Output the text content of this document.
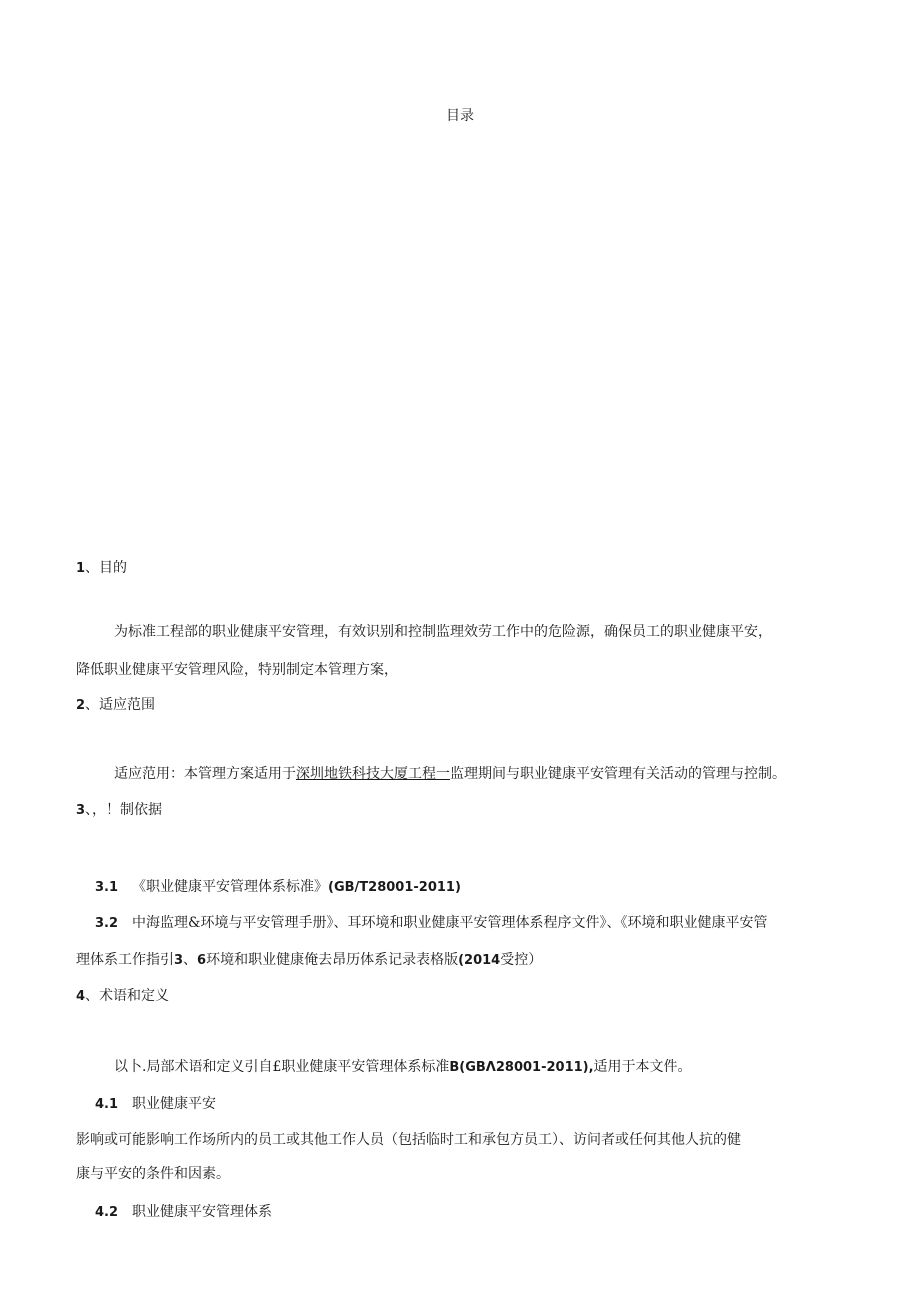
目录
1、目的
为标准工程部的职业健康平安管理，有效识别和控制监理效劳工作中的危险源，确保员工的职业健康平安，
降低职业健康平安管理风险，特别制定本管理方案，
2、适应范围
适应范用：本管理方案适用于深圳地铁科技大厦工程一监理期间与职业键康平安管理有关活动的管理与控制。
3、，！制依据
3.1 《职业健康平安管理体系标准》(GB/T28001-2011)
3.2 中海监理&环境与平安管理手册》、耳环境和职业健康平安管理体系程序文件》、《环境和职业健康平安管
理体系工作指引3、6环境和职业健康俺去昂历体系记录表格版(2014受控）
4、术语和定义
以卜.局部术语和定义引自£职业健康平安管理体系标准B(GBΛ28001-2011),适用于本文件。
4.1 职业健康平安
影响或可能影响工作场所内的员工或其他工作人员（包括临时工和承包方员工）、访问者或任何其他人抗的健
康与平安的条件和因素。
4.2 职业健康平安管理体系
